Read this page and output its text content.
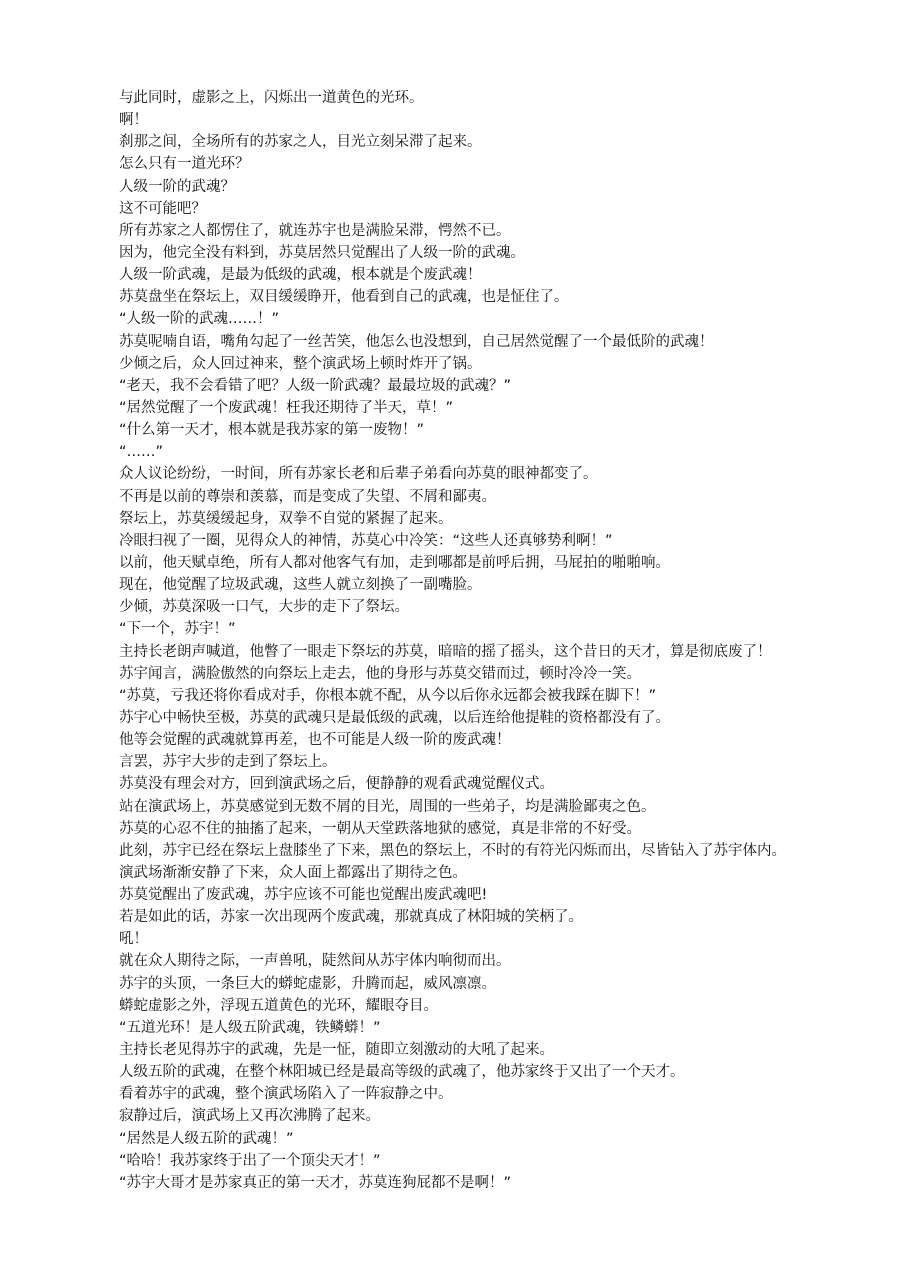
与此同时，虚影之上，闪烁出一道黄色的光环。
啊！
刹那之间，全场所有的苏家之人，目光立刻呆滞了起来。
怎么只有一道光环？
人级一阶的武魂？
这不可能吧？
所有苏家之人都愣住了，就连苏宇也是满脸呆滞，愕然不已。
因为，他完全没有料到，苏莫居然只觉醒出了人级一阶的武魂。
人级一阶武魂，是最为低级的武魂，根本就是个废武魂！
苏莫盘坐在祭坛上，双目缓缓睁开，他看到自己的武魂，也是怔住了。
“人级一阶的武魂……！”
苏莫呢喃自语，嘴角勾起了一丝苦笑，他怎么也没想到，自己居然觉醒了一个最低阶的武魂！
少倾之后，众人回过神来，整个演武场上顿时炸开了锅。
“老天，我不会看错了吧？人级一阶武魂？最最垃圾的武魂？”
“居然觉醒了一个废武魂！枉我还期待了半天，草！”
“什么第一天才，根本就是我苏家的第一废物！”
“……”
众人议论纷纷，一时间，所有苏家长老和后辈子弟看向苏莫的眼神都变了。
不再是以前的尊崇和羡慕，而是变成了失望、不屑和鄙夷。
祭坛上，苏莫缓缓起身，双拳不自觉的紧握了起来。
冷眼扫视了一圈，见得众人的神情，苏莫心中冷笑：“这些人还真够势利啊！”
以前，他天赋卓绝，所有人都对他客气有加，走到哪都是前呼后拥，马屁拍的啪啪响。
现在，他觉醒了垃圾武魂，这些人就立刻换了一副嘴脸。
少倾，苏莫深吸一口气，大步的走下了祭坛。
“下一个，苏宇！”
主持长老朗声喊道，他瞥了一眼走下祭坛的苏莫，暗暗的摇了摇头，这个昔日的天才，算是彻底废了！
苏宇闻言，满脸傲然的向祭坛上走去，他的身形与苏莫交错而过，顿时冷冷一笑。
“苏莫，亏我还将你看成对手，你根本就不配，从今以后你永远都会被我踩在脚下！”
苏宇心中畅快至极，苏莫的武魂只是最低级的武魂，以后连给他提鞋的资格都没有了。
他等会觉醒的武魂就算再差，也不可能是人级一阶的废武魂！
言罢，苏宇大步的走到了祭坛上。
苏莫没有理会对方，回到演武场之后，便静静的观看武魂觉醒仪式。
站在演武场上，苏莫感觉到无数不屑的目光，周围的一些弟子，均是满脸鄙夷之色。
苏莫的心忍不住的抽搐了起来，一朝从天堂跌落地狱的感觉，真是非常的不好受。
此刻，苏宇已经在祭坛上盘膝坐了下来，黑色的祭坛上，不时的有符光闪烁而出，尽皆钻入了苏宇体内。
演武场渐渐安静了下来，众人面上都露出了期待之色。
苏莫觉醒出了废武魂，苏宇应该不可能也觉醒出废武魂吧!
若是如此的话，苏家一次出现两个废武魂，那就真成了林阳城的笑柄了。
吼！
就在众人期待之际，一声兽吼，陡然间从苏宇体内响彻而出。
苏宇的头顶，一条巨大的蟒蛇虚影，升腾而起，威风凛凛。
蟒蛇虚影之外，浮现五道黄色的光环，耀眼夺目。
“五道光环！是人级五阶武魂，铁鳞蟒！”
主持长老见得苏宇的武魂，先是一怔，随即立刻激动的大吼了起来。
人级五阶的武魂，在整个林阳城已经是最高等级的武魂了，他苏家终于又出了一个天才。
看着苏宇的武魂，整个演武场陷入了一阵寂静之中。
寂静过后，演武场上又再次沸腾了起来。
“居然是人级五阶的武魂！”
“哈哈！我苏家终于出了一个顶尖天才！”
“苏宇大哥才是苏家真正的第一天才，苏莫连狗屁都不是啊！”
